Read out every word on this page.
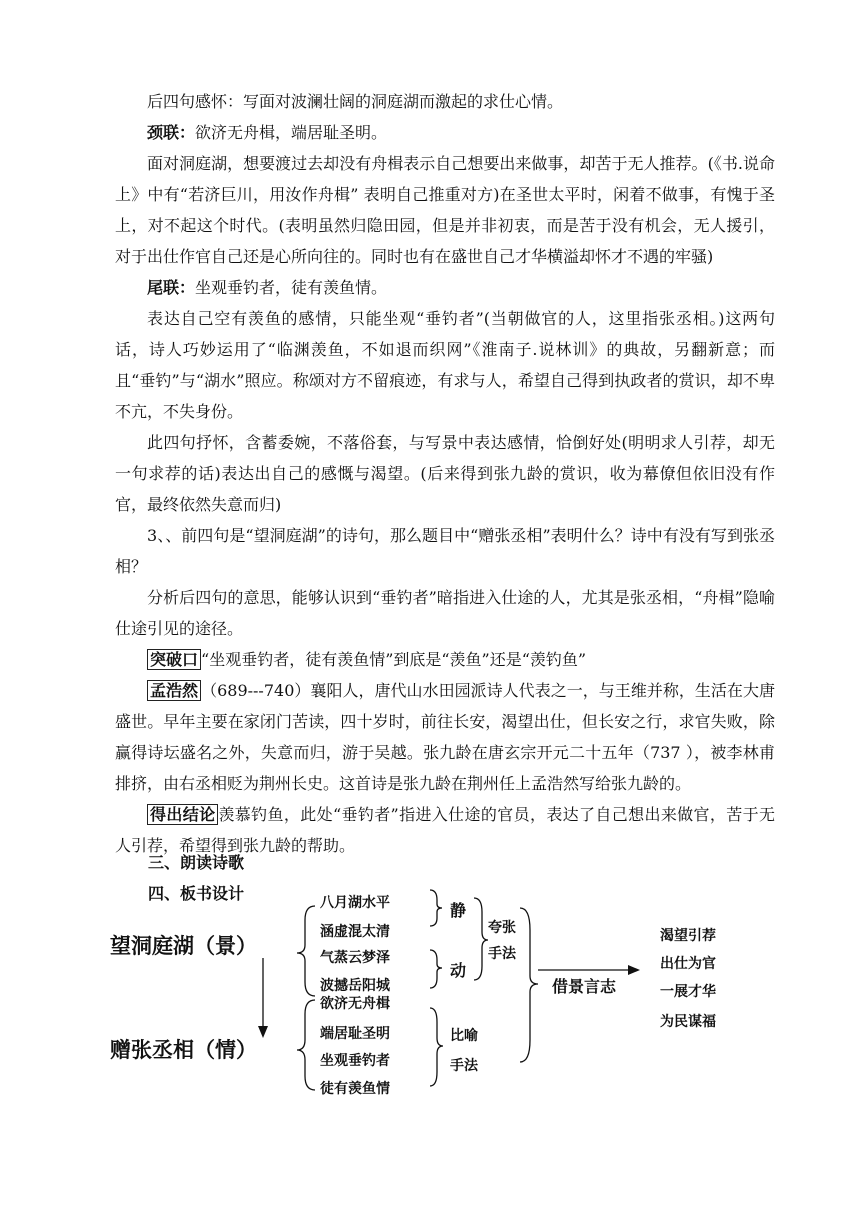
后四句感怀：写面对波澜壮阔的洞庭湖而激起的求仕心情。

颈联：欲济无舟楫，端居耻圣明。

面对洞庭湖，想要渡过去却没有舟楫表示自己想要出来做事，却苦于无人推荐。(《书.说命上》中有“若济巨川，用汝作舟楫” 表明自己推重对方)在圣世太平时，闲着不做事，有愧于圣上，对不起这个时代。(表明虽然归隐田园，但是并非初衷，而是苦于没有机会，无人援引，对于出仕作官自己还是心所向往的。同时也有在盛世自己才华横溢却怀才不遇的牢骚)

尾联：坐观垂钓者，徒有羡鱼情。

表达自己空有羡鱼的感情，只能坐观“垂钓者”(当朝做官的人，这里指张丞相。)这两句话，诗人巧妙运用了“临渊羡鱼，不如退而织网”《淮南子.说林训》的典故，另翻新意；而且“垂钓”与“湖水”照应。称颂对方不留痕迹，有求与人，希望自己得到执政者的赏识，却不卑不亢，不失身份。

此四句抒怀，含蓄委婉，不落俗套，与写景中表达感情，恰倒好处(明明求人引荐，却无一句求荐的话)表达出自己的感慨与渴望。(后来得到张九龄的赏识，收为幕僚但依旧没有作官，最终依然失意而归)

3、、前四句是“望洞庭湖”的诗句，那么题目中“赠张丞相”表明什么？诗中有没有写到张丞相？

分析后四句的意思，能够认识到“垂钓者”暗指进入仕途的人，尤其是张丞相，“舟楫”隐喻仕途引见的途径。

突破口 “坐观垂钓者，徒有羡鱼情”到底是“羡鱼”还是“羡钓鱼”

孟浩然 （689---740）襄阳人，唐代山水田园派诗人代表之一，与王维并称，生活在大唐盛世。早年主要在家闭门苦读，四十岁时，前往长安，渴望出仕，但长安之行，求官失败，除赢得诗坛盛名之外，失意而归，游于吴越。张九龄在唐玄宗开元二十五年（737 ），被李林甫排挤，由右丞相贬为荆州长史。这首诗是张九龄在荆州任上孟浩然写给张九龄的。

得出结论 羡慕钓鱼，此处“垂钓者”指进入仕途的官员，表达了自己想出来做官，苦于无人引荐，希望得到张九龄的帮助。

三、朗读诗歌

四、板书设计

望洞庭湖（景）
赠张丞相（情）
八月湖水平
涵虚混太清
气蒸云梦泽
波撼岳阳城
欲济无舟楫
端居耻圣明
坐观垂钓者
徒有羡鱼情
静
动
夸张
手法
比喻
手法
借景言志
渴望引荐
出仕为官
一展才华
为民谋福
